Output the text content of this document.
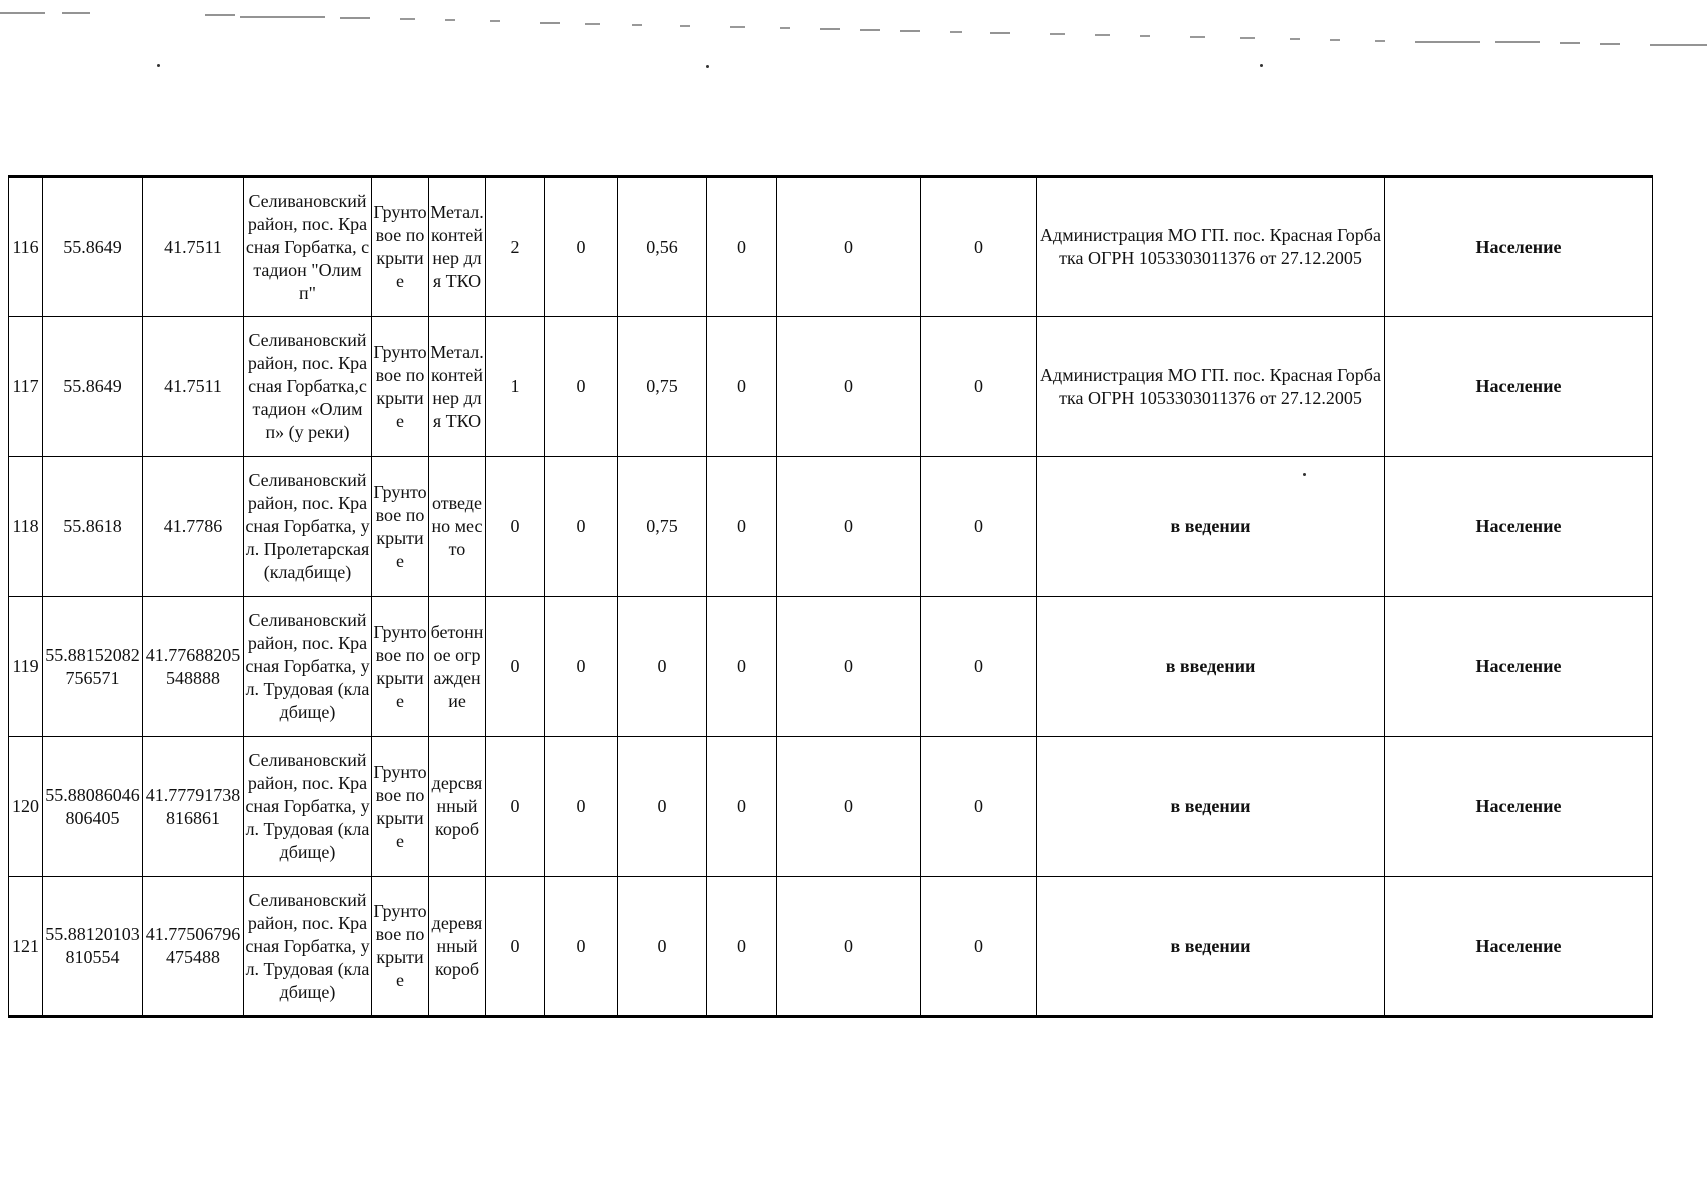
116	55.8649	41.7511	Селивановский район, пос. Красная Горбатка, стадион "Олимп"	Грунтовое покрытие	Метал. контейнер для ТКО	2	0	0,56	0	0	0	Администрация МО ГП. пос. Красная Горбатка ОГРН 1053303011376 от 27.12.2005	Население
117	55.8649	41.7511	Селивановский район, пос. Красная Горбатка,стадион «Олимп» (у реки)	Грунтовое покрытие	Метал. контейнер для ТКО	1	0	0,75	0	0	0	Администрация МО ГП. пос. Красная Горбатка ОГРН 1053303011376 от 27.12.2005	Население
118	55.8618	41.7786	Селивановский район, пос. Красная Горбатка, ул. Пролетарская (кладбище)	Грунтовое покрытие	отведено место	0	0	0,75	0	0	0	в ведении	Население
119	55.88152082756571	41.77688205548888	Селивановский район, пос. Красная Горбатка, ул. Трудовая (кладбище)	Грунтовое покрытие	бетонное ограждение	0	0	0	0	0	0	в введении	Население
120	55.88086046806405	41.77791738816861	Селивановский район, пос. Красная Горбатка, ул. Трудовая (кладбище)	Грунтовое покрытие	дерсвянный короб	0	0	0	0	0	0	в ведении	Население
121	55.88120103810554	41.77506796475488	Селивановский район, пос. Красная Горбатка, ул. Трудовая (кладбище)	Грунтовое покрытие	деревянный короб	0	0	0	0	0	0	в ведении	Население
